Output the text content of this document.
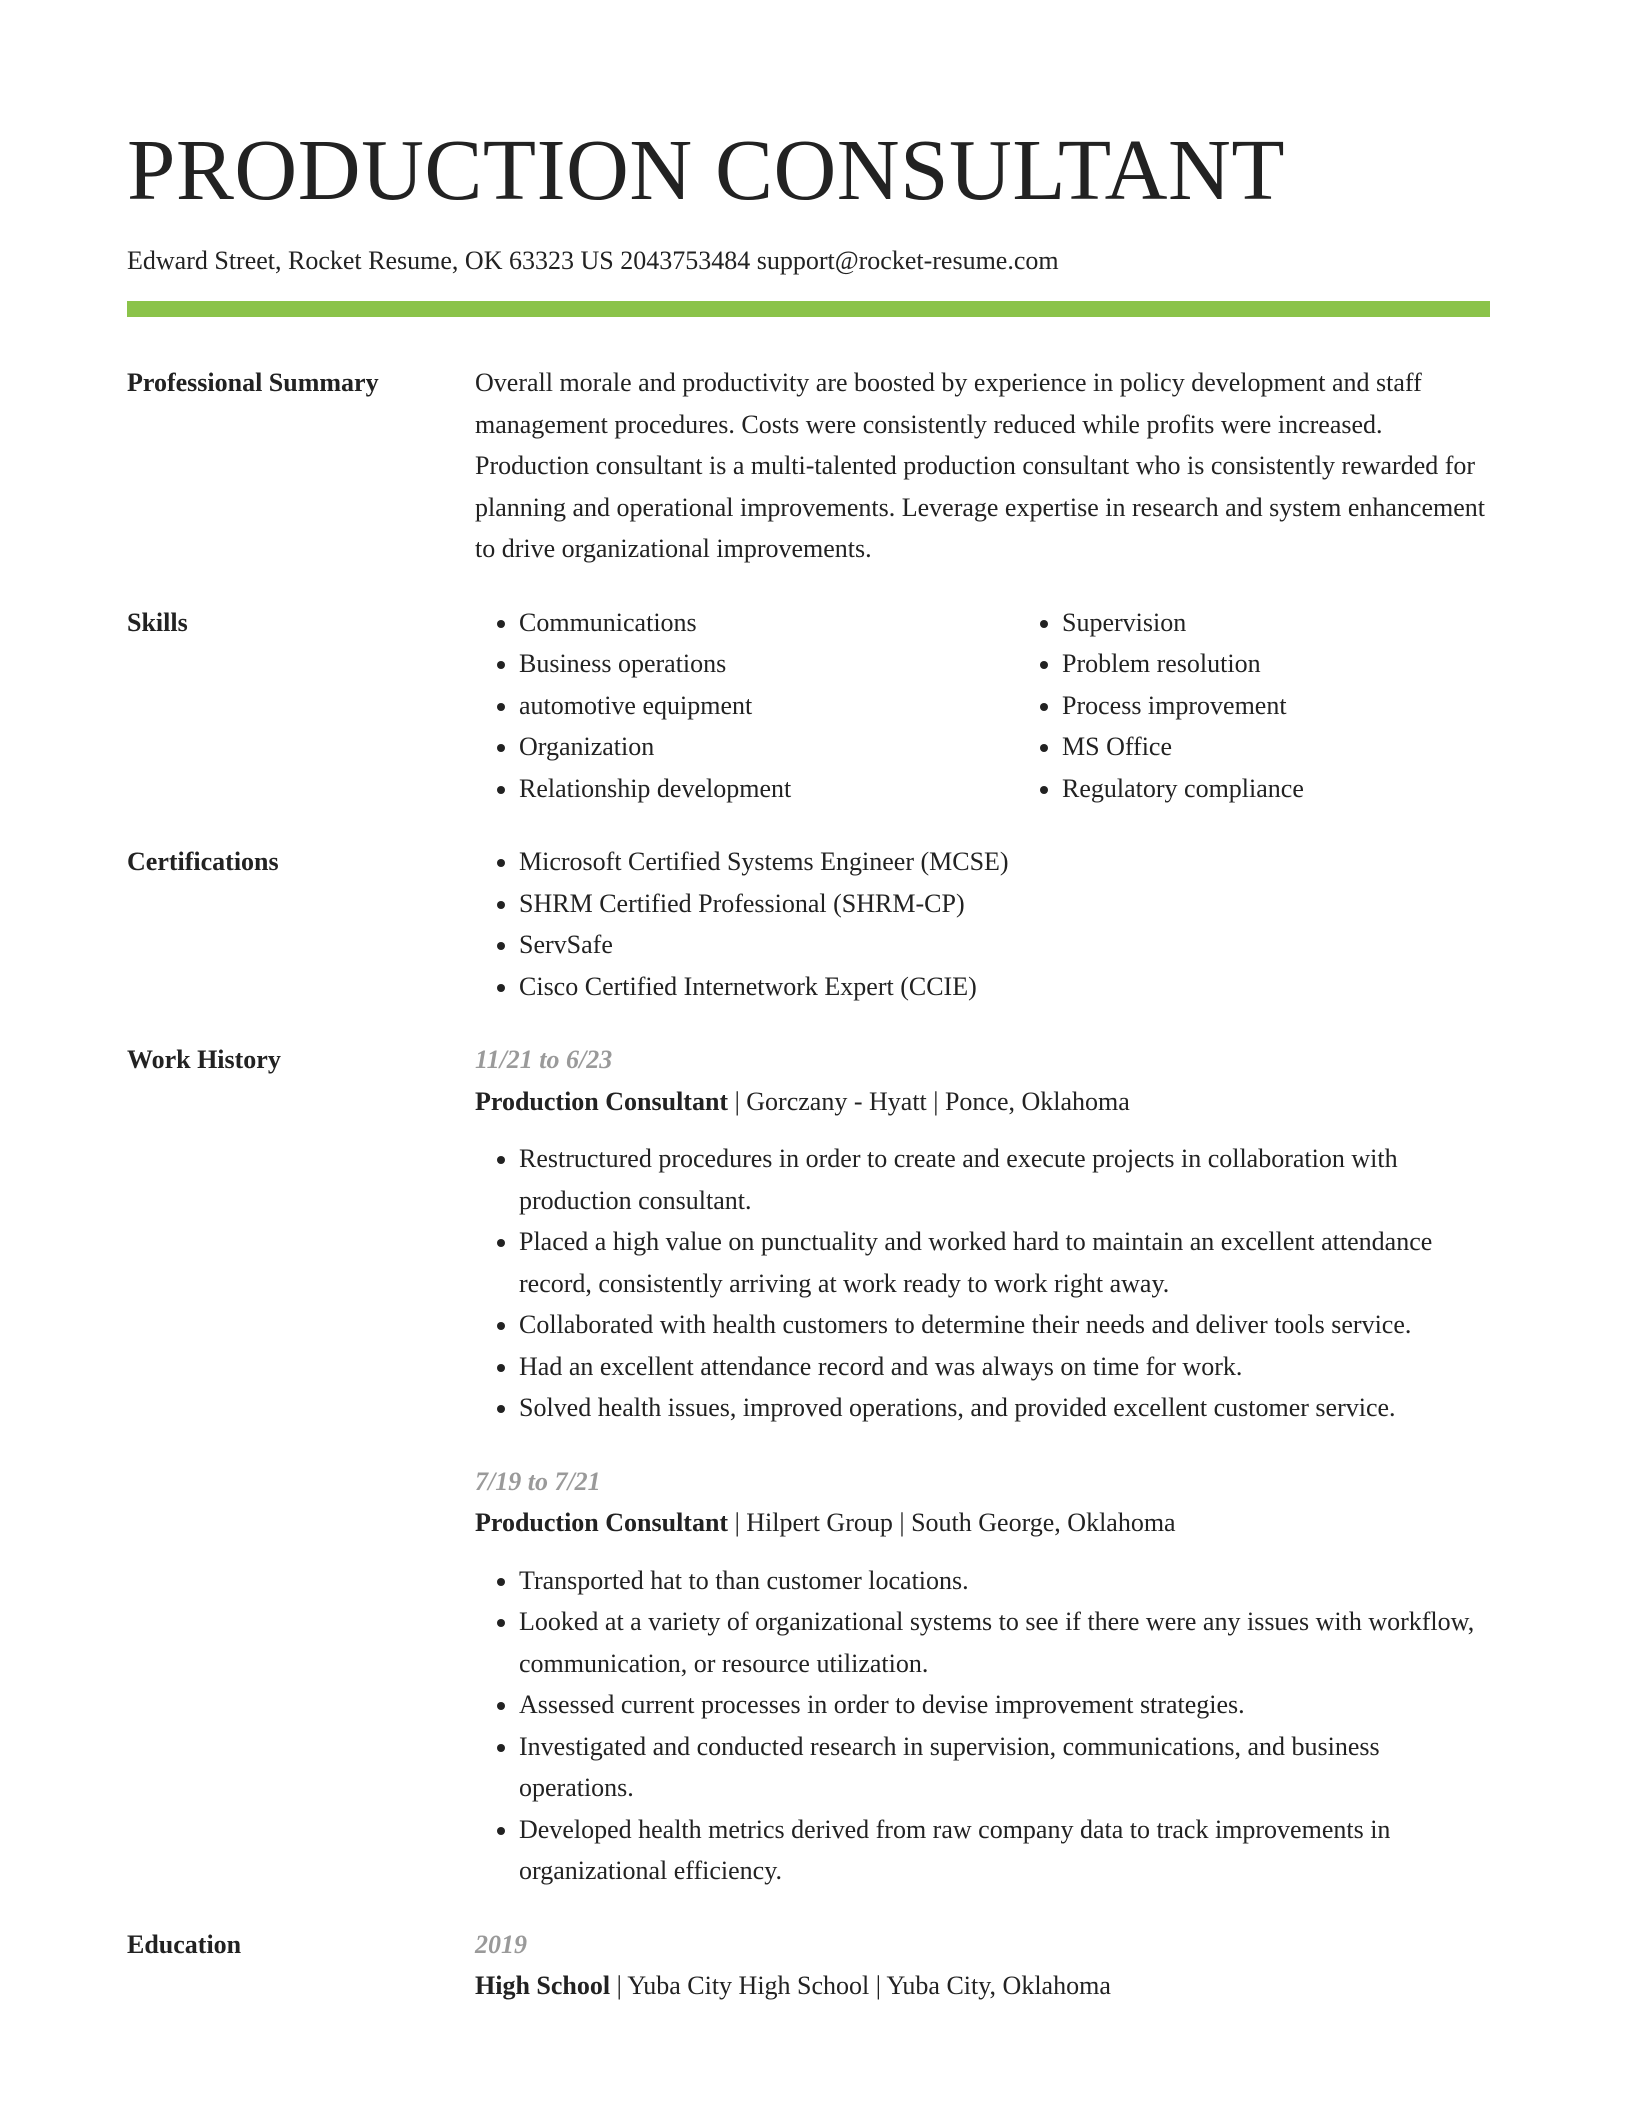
PRODUCTION CONSULTANT
Edward Street, Rocket Resume, OK 63323 US 2043753484 support@rocket-resume.com
Professional Summary	Overall morale and productivity are boosted by experience in policy development and staff management procedures. Costs were consistently reduced while profits were increased. Production consultant is a multi-talented production consultant who is consistently rewarded for planning and operational improvements. Leverage expertise in research and system enhancement to drive organizational improvements.
Skills	• Communications
• Business operations
• automotive equipment
• Organization
• Relationship development
• Supervision
• Problem resolution
• Process improvement
• MS Office
• Regulatory compliance
Certifications	• Microsoft Certified Systems Engineer (MCSE)
• SHRM Certified Professional (SHRM-CP)
• ServSafe
• Cisco Certified Internetwork Expert (CCIE)
Work History	11/21 to 6/23
Production Consultant | Gorczany - Hyatt | Ponce, Oklahoma
• Restructured procedures in order to create and execute projects in collaboration with production consultant.
• Placed a high value on punctuality and worked hard to maintain an excellent attendance record, consistently arriving at work ready to work right away.
• Collaborated with health customers to determine their needs and deliver tools service.
• Had an excellent attendance record and was always on time for work.
• Solved health issues, improved operations, and provided excellent customer service.
7/19 to 7/21
Production Consultant | Hilpert Group | South George, Oklahoma
• Transported hat to than customer locations.
• Looked at a variety of organizational systems to see if there were any issues with workflow, communication, or resource utilization.
• Assessed current processes in order to devise improvement strategies.
• Investigated and conducted research in supervision, communications, and business operations.
• Developed health metrics derived from raw company data to track improvements in organizational efficiency.
Education	2019
High School | Yuba City High School | Yuba City, Oklahoma
